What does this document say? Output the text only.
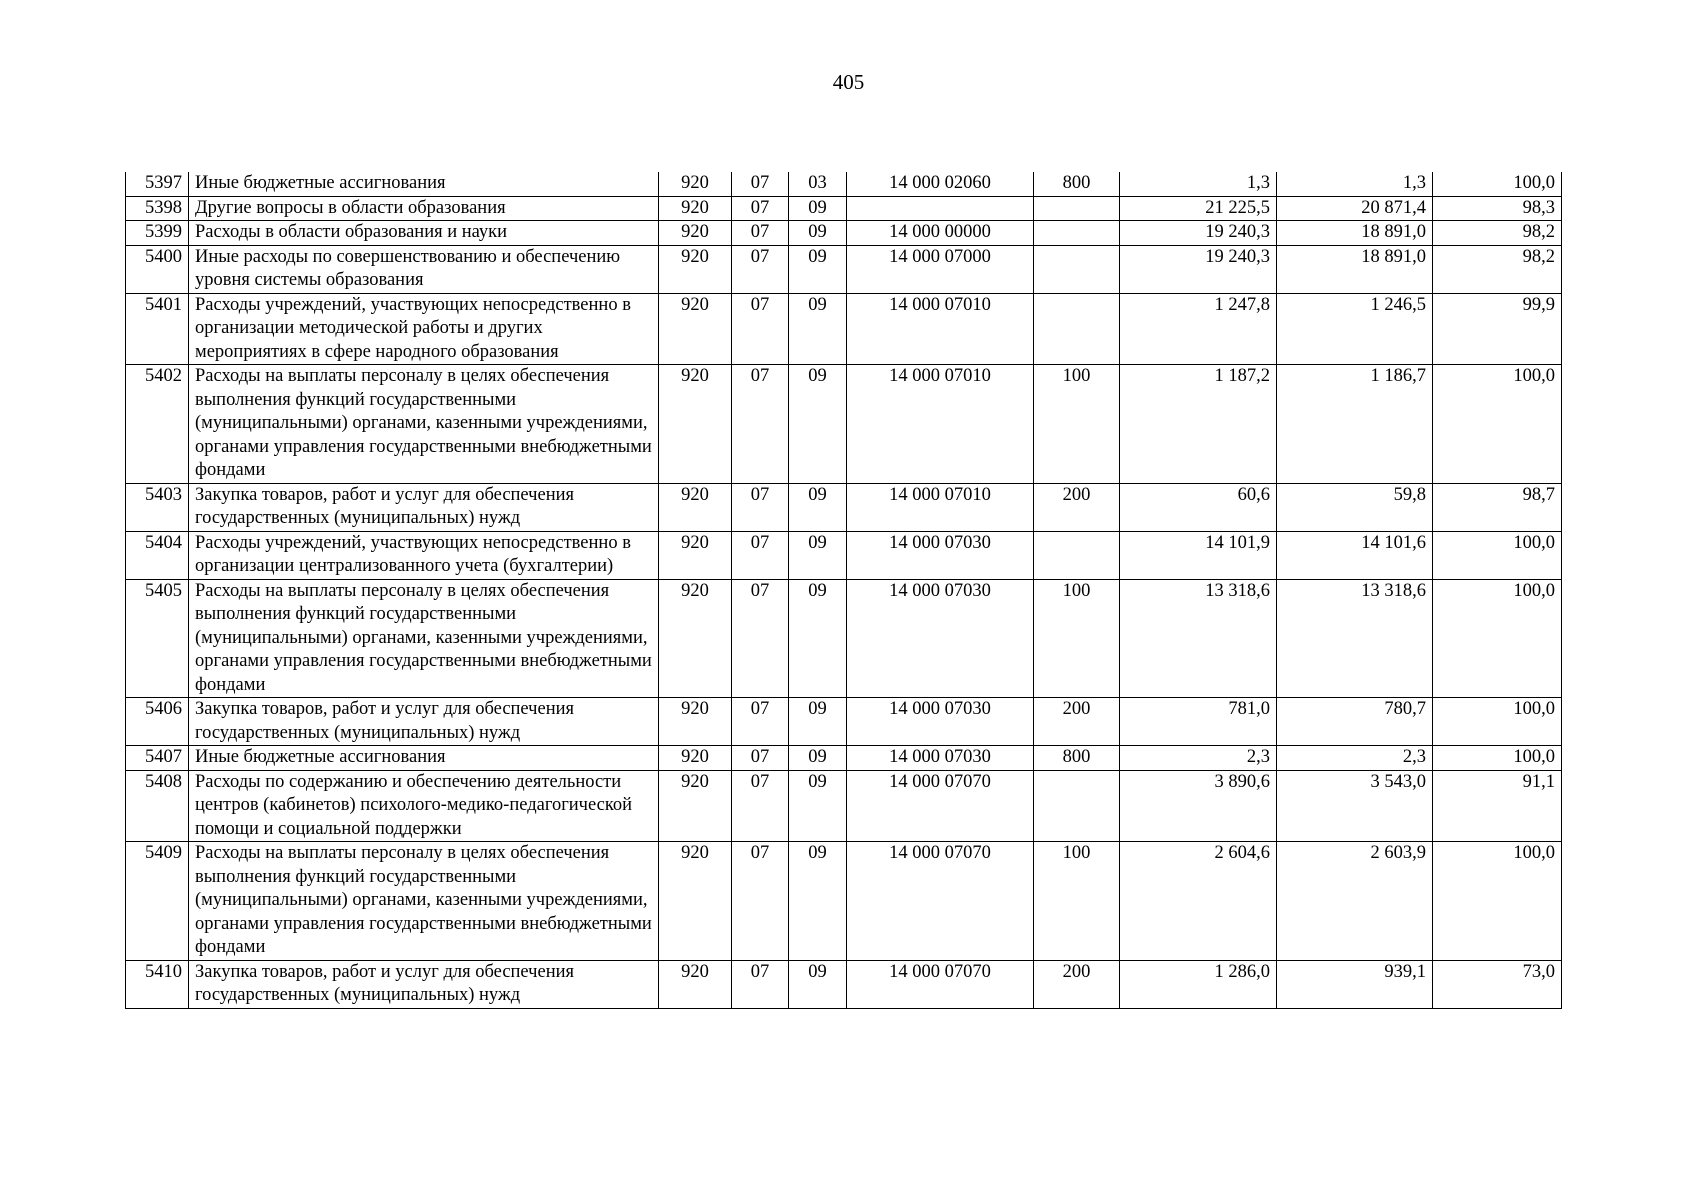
405
5397	Иные бюджетные ассигнования	920	07	03	14 000 02060	800	1,3	1,3	100,0
5398	Другие вопросы в области образования	920	07	09			21 225,5	20 871,4	98,3
5399	Расходы в области образования и науки	920	07	09	14 000 00000		19 240,3	18 891,0	98,2
5400	Иные расходы по совершенствованию и обеспечению уровня системы образования	920	07	09	14 000 07000		19 240,3	18 891,0	98,2
5401	Расходы учреждений, участвующих непосредственно в организации методической работы и других мероприятиях в сфере народного образования	920	07	09	14 000 07010		1 247,8	1 246,5	99,9
5402	Расходы на выплаты персоналу в целях обеспечения выполнения функций государственными (муниципальными) органами, казенными учреждениями, органами управления государственными внебюджетными фондами	920	07	09	14 000 07010	100	1 187,2	1 186,7	100,0
5403	Закупка товаров, работ и услуг для обеспечения государственных (муниципальных) нужд	920	07	09	14 000 07010	200	60,6	59,8	98,7
5404	Расходы учреждений, участвующих непосредственно в организации централизованного учета (бухгалтерии)	920	07	09	14 000 07030		14 101,9	14 101,6	100,0
5405	Расходы на выплаты персоналу в целях обеспечения выполнения функций государственными (муниципальными) органами, казенными учреждениями, органами управления государственными внебюджетными фондами	920	07	09	14 000 07030	100	13 318,6	13 318,6	100,0
5406	Закупка товаров, работ и услуг для обеспечения государственных (муниципальных) нужд	920	07	09	14 000 07030	200	781,0	780,7	100,0
5407	Иные бюджетные ассигнования	920	07	09	14 000 07030	800	2,3	2,3	100,0
5408	Расходы по содержанию и обеспечению деятельности центров (кабинетов) психолого-медико-педагогической помощи и социальной поддержки	920	07	09	14 000 07070		3 890,6	3 543,0	91,1
5409	Расходы на выплаты персоналу в целях обеспечения выполнения функций государственными (муниципальными) органами, казенными учреждениями, органами управления государственными внебюджетными фондами	920	07	09	14 000 07070	100	2 604,6	2 603,9	100,0
5410	Закупка товаров, работ и услуг для обеспечения государственных (муниципальных) нужд	920	07	09	14 000 07070	200	1 286,0	939,1	73,0
